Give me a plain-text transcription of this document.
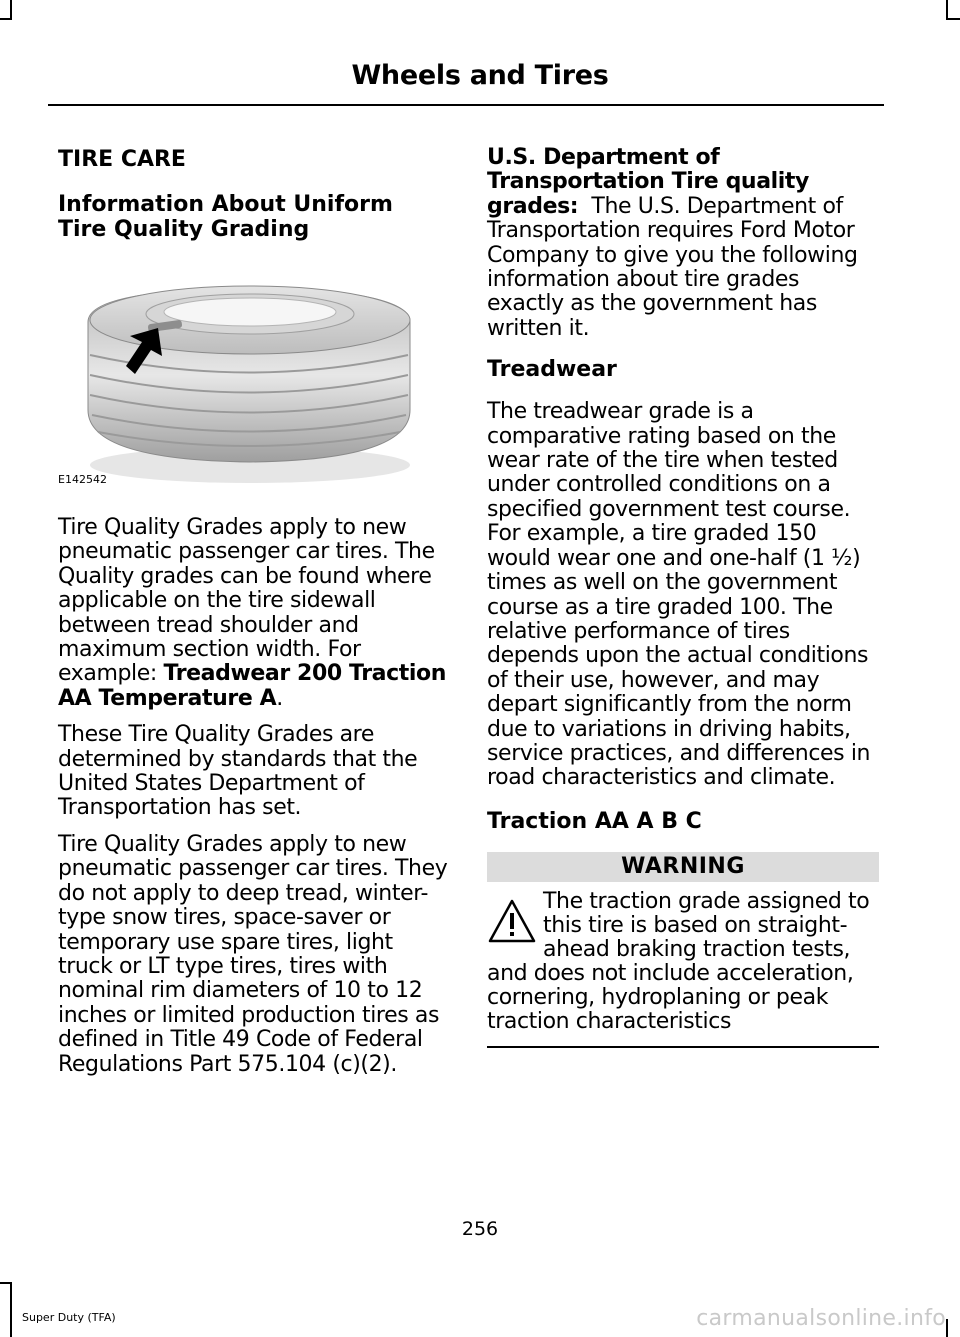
Wheels and Tires
TIRE CARE
Information About Uniform Tire Quality Grading
E142542

Tire Quality Grades apply to new pneumatic passenger car tires. The Quality grades can be found where applicable on the tire sidewall between tread shoulder and maximum section width. For example: Treadwear 200 Traction AA Temperature A.

These Tire Quality Grades are determined by standards that the United States Department of Transportation has set.

Tire Quality Grades apply to new pneumatic passenger car tires. They do not apply to deep tread, winter-type snow tires, space-saver or temporary use spare tires, light truck or LT type tires, tires with nominal rim diameters of 10 to 12 inches or limited production tires as defined in Title 49 Code of Federal Regulations Part 575.104 (c)(2).

U.S. Department of Transportation Tire quality grades: The U.S. Department of Transportation requires Ford Motor Company to give you the following information about tire grades exactly as the government has written it.

Treadwear

The treadwear grade is a comparative rating based on the wear rate of the tire when tested under controlled conditions on a specified government test course. For example, a tire graded 150 would wear one and one-half (1 ½) times as well on the government course as a tire graded 100. The relative performance of tires depends upon the actual conditions of their use, however, and may depart significantly from the norm due to variations in driving habits, service practices, and differences in road characteristics and climate.

Traction AA A B C
WARNING
The traction grade assigned to this tire is based on straight-ahead braking traction tests, and does not include acceleration, cornering, hydroplaning or peak traction characteristics
256
Super Duty (TFA)	carmanualsonline.info
